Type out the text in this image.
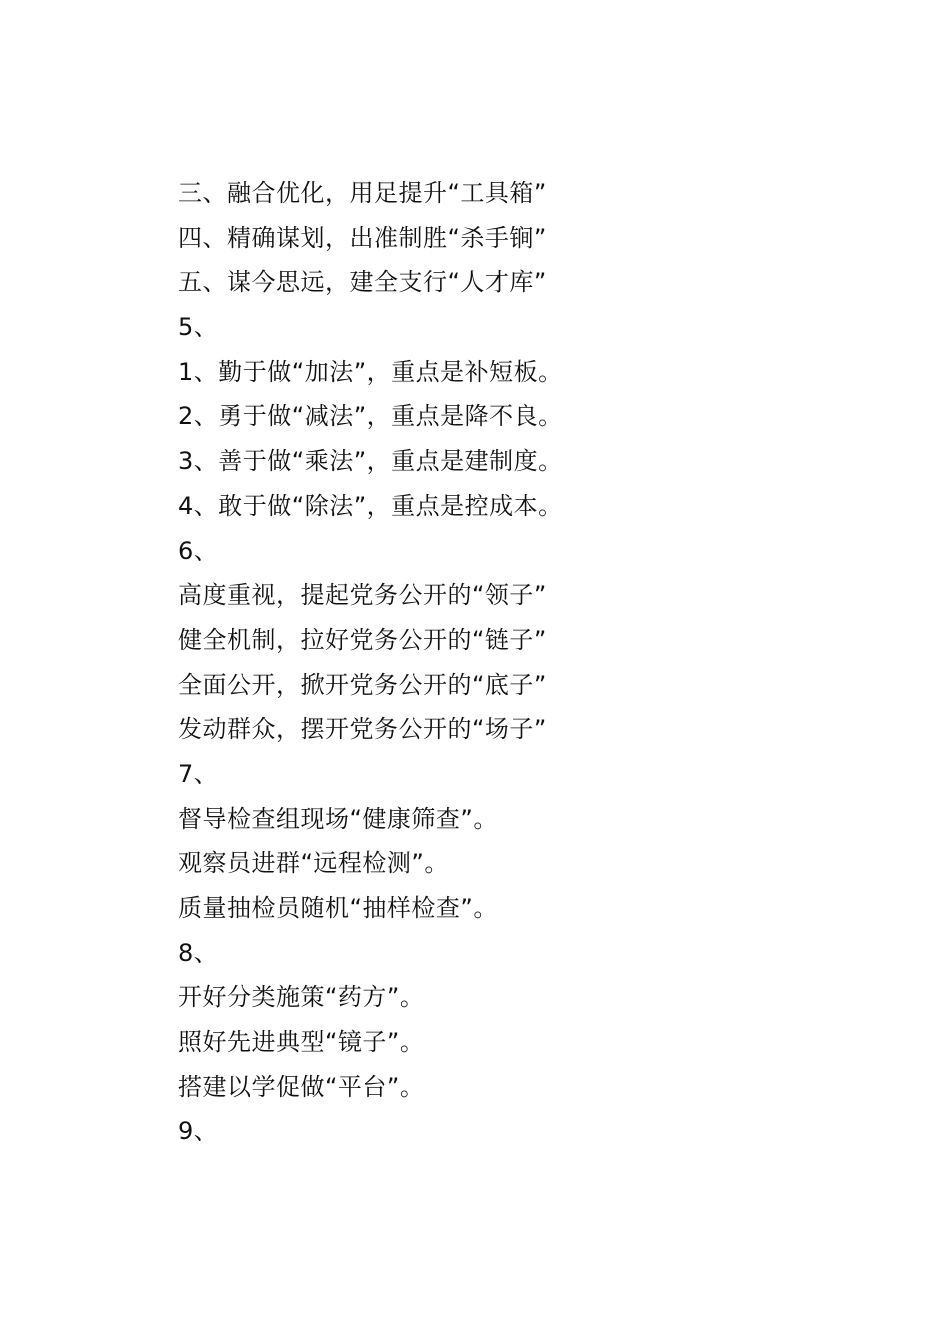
三、融合优化，用足提升“工具箱”
四、精确谋划，出准制胜“杀手锏”
五、谋今思远，建全支行“人才库”
5、
1、勤于做“加法”，重点是补短板。
2、勇于做“减法”，重点是降不良。
3、善于做“乘法”，重点是建制度。
4、敢于做“除法”，重点是控成本。
6、
高度重视，提起党务公开的“领子”
健全机制，拉好党务公开的“链子”
全面公开，掀开党务公开的“底子”
发动群众，摆开党务公开的“场子”
7、
督导检查组现场“健康筛查”。
观察员进群“远程检测”。
质量抽检员随机“抽样检查”。
8、
开好分类施策“药方”。
照好先进典型“镜子”。
搭建以学促做“平台”。
9、
